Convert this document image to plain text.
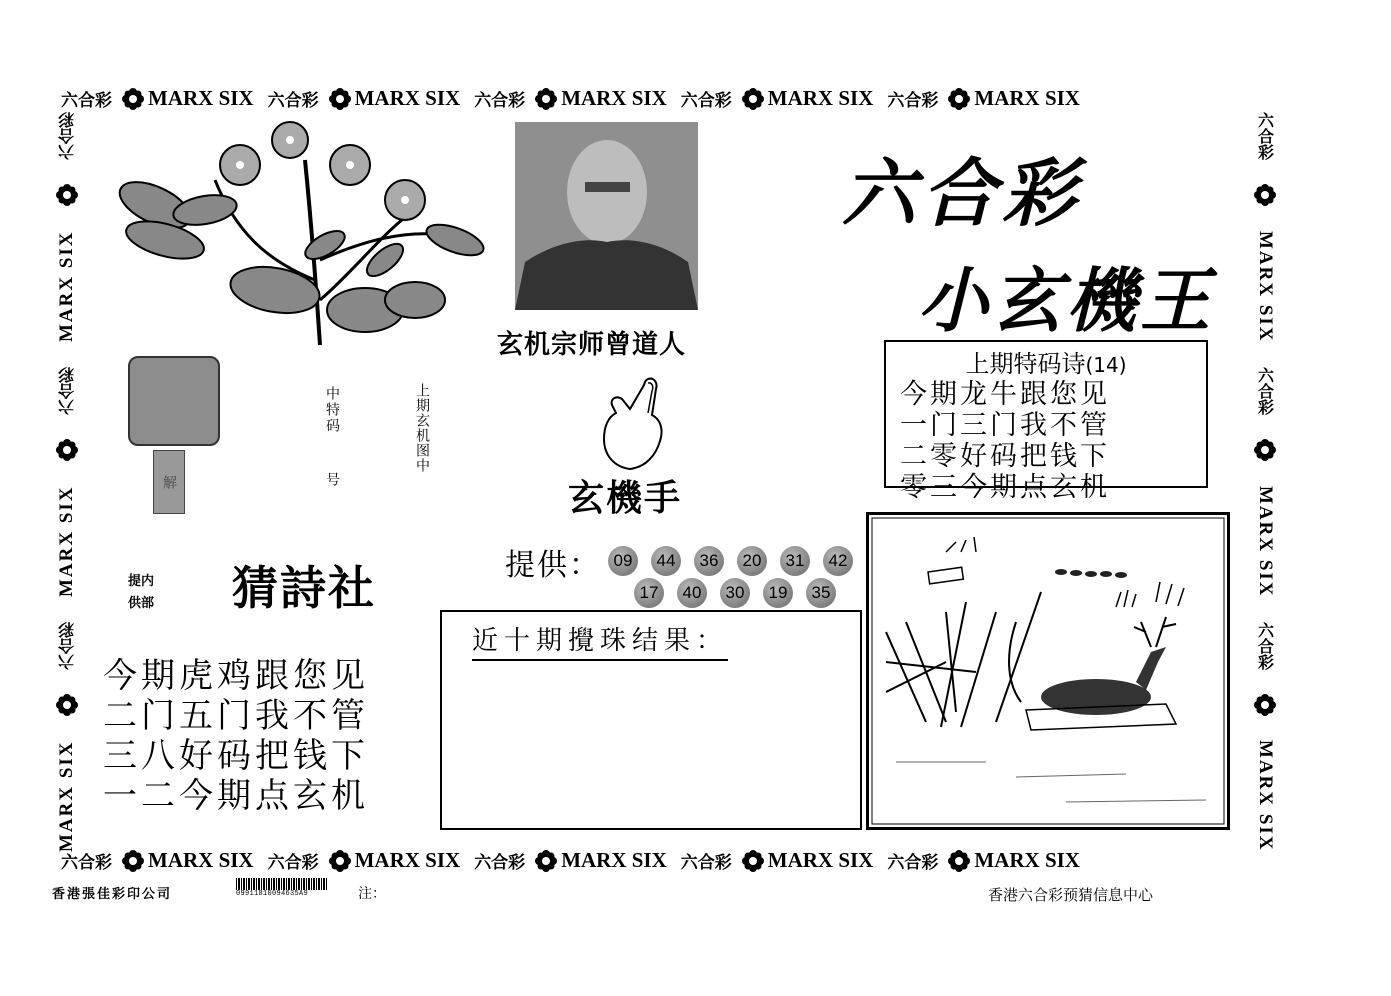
六合彩 MARX SIX 六合彩 MARX SIX 六合彩 MARX SIX 六合彩 MARX SIX 六合彩 MARX SIX
六合彩 MARX SIX 六合彩 MARX SIX 六合彩 MARX SIX 六合彩 MARX SIX 六合彩 MARX SIX
MARX SIX
六合彩
MARX SIX
六合彩
MARX SIX
六合彩	六合彩
MARX SIX
六合彩
MARX SIX
六合彩
MARX SIX
玄机宗师曾道人
六合彩
小玄機王
解
中特码
号
上期玄机图中
玄機手
提内
供部 猜詩社	提供： 09	44	36	20	31	42
17	40	30	19	35
近十期攪珠结果：
今期虎鸡跟您见
二门五门我不管
三八好码把钱下
一二今期点玄机
上期特码诗(14)
今期龙牛跟您见
一门三门我不管
二零好码把钱下
零三今期点玄机
香港張佳彩印公司	09911810094635A9	注：	香港六合彩预猜信息中心
